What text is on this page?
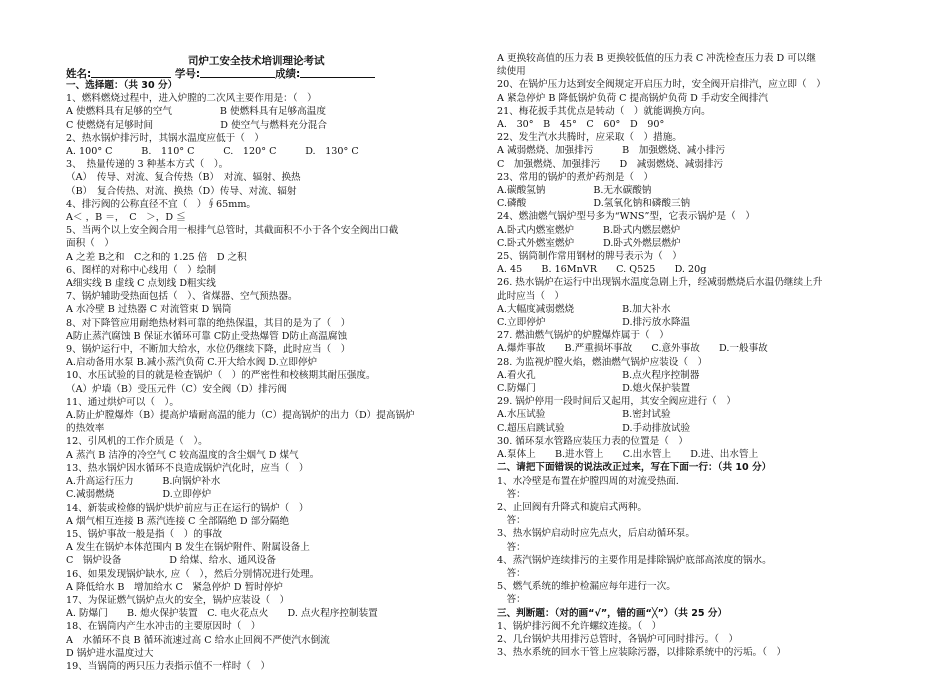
司炉工安全技术培训理论考试
姓名:	学号:	成绩:
一、选择题：（共 30 分）
1、燃料燃烧过程中，进入炉膛的二次风主要作用是：（　）
A 使燃料具有足够的空气　　　　　B 使燃料具有足够高温度
C 使燃烧有足够时间　　　　　　　D 使空气与燃料充分混合
2、热水锅炉排污时，其锅水温度应低于（　）
A. 100° C　　　B.　110° C　　　C.　120° C　　　D.　130° C
3、　热量传递的 3 种基本方式（　）。
（A）　传导、对流、复合传热（B）　对流、辐射、换热
（B）　复合传热、对流、换热（D）传导、对流、辐射
4、排污阀的公称直径不宜（　）∮65mm。
A＜ ，B ＝，　C　＞，D ≦
5、当两个以上安全阀合用一根排气总管时，其截面积不小于各个安全阀出口截
面积（　）
A 之差 B之和　C之和的 1.25 倍　D 之积
6、图样的对称中心线用（　）绘制
A细实线 B 虚线 C 点划线 D粗实线
7、锅炉辅助受热面包括（　）、省煤器、空气预热器。
A 水冷壁 B 过热器 C 对流管束 D 锅筒
8、对下降管应用耐绝热材料可靠的绝热保温，其目的是为了（　）
A防止蒸汽腐蚀 B 保证水循环可靠 C防止受热爆管 D防止高温腐蚀
9、锅炉运行中，不断加大给水，水位仍继续下降，此时应当（　）
A.启动备用水泵 B.减小蒸汽负荷 C.开大给水阀 D.立即停炉
10、水压试验的目的就是检查锅炉（　）的严密性和校核期其耐压强度。
（A）炉墙（B）受压元件（C）安全阀（D）排污阀
11、通过烘炉可以（　）。
A.防止炉膛爆炸（B）提高炉墙耐高温的能力（C）提高锅炉的出力（D）提高锅炉
的热效率
12、引风机的工作介质是（　）。
A 蒸汽 B 洁净的冷空气 C 较高温度的含尘烟气 D 煤气
13、热水锅炉因水循环不良造成锅炉汽化时，应当（　）
A.升高运行压力　　　B.向锅炉补水
C.减弱燃烧　　　　　D.立即停炉
14、新装或检修的锅炉烘炉前应与正在运行的锅炉（　）
A 烟气相互连接 B 蒸汽连接 C 全部隔绝 D 部分隔绝
15、锅炉事故一般是指（　）的事故
A 发生在锅炉本体范围内 B 发生在锅炉附件、附属设备上
C　锅炉设备　　　　　D 给煤、给水、通风设备
16、如果发现锅炉缺水, 应（　），然后分别情况进行处理。
A 降低给水 B　增加给水 C　紧急停炉 D 暂时停炉
17、为保证燃气锅炉点火的安全，锅炉应装设（　）
A. 防爆门　　B. 熄火保护装置　C. 电火花点火　　D. 点火程序控制装置
18、在锅筒内产生水冲击的主要原因时（　）
A　水循环不良 B 循环流速过高 C 给水止回阀不严使汽水倒流
D 锅炉进水温度过大
19、当锅筒的两只压力表指示值不一样时（　）
A 更换较高值的压力表 B 更换较低值的压力表 C 冲洗检查压力表 D 可以继
续使用
20、在锅炉压力达到安全阀规定开启压力时，安全阀开启排汽，应立即（　）
A 紧急停炉 B 降低锅炉负荷 C 提高锅炉负荷 D 手动安全阀排汽
21、梅花扳手其优点是转动（　）就能调换方向。
A.　30°　B　45°　C　60°　D　90°
22、发生汽水共腾时，应采取（　）措施。
A 减弱燃烧、加强排污　　　B　加强燃烧、减小排污
C　加强燃烧、加强排污　　D　减弱燃烧、减弱排污
23、常用的锅炉的煮炉药剂是（　）
A.碳酸氢钠　　　　　B.无水碳酸钠
C.磷酸　　　　　　　D.氢氧化钠和磷酸三钠
24、燃油燃气锅炉型号多为“WNS”型，它表示锅炉是（　）
A.卧式内燃室燃炉　　　B.卧式内燃层燃炉
C.卧式外燃室燃炉　　　D.卧式外燃层燃炉
25、锅筒制作常用钢材的牌号表示为（　）
A. 45　　B. 16MnVR　　C. Q525　　D. 20g
26. 热水锅炉在运行中出现锅水温度急剧上升，经减弱燃烧后水温仍继续上升
此时应当（　）
A.大幅度减弱燃烧　　　　　B.加大补水
C.立即停炉　　　　　　　　D.排污放水降温
27. 燃油燃气锅炉的炉膛爆炸属于（　）
A.爆炸事故　　B.严重损坏事故　　C.意外事故　　D.一般事故
28. 为监视炉膛火焰，燃油燃气锅炉应装设（　）
A.看火孔　　　　　　　　　B.点火程序控制器
C.防爆门　　　　　　　　　D.熄火保护装置
29. 锅炉停用一段时间后又起用，其安全阀应进行（　）
A.水压试验　　　　　　　　B.密封试验
C.超压启跳试验　　　　　　D.手动排放试验
30. 循环泵水管路应装压力表的位置是（　）
A.泵体上　　B.进水管上　　C.出水管上　　D.进、出水管上
二、请把下面错误的说法改正过来，写在下面一行：（共 10 分）
1、水冷壁是布置在炉膛四周的对流受热面.
　答：
2、止回阀有升降式和旋启式两种。
　答：
3、热水锅炉启动时应先点火，后启动循环泵。
　答：
4、蒸汽锅炉连续排污的主要作用是排除锅炉底部高浓度的锅水。
　答：
5、燃气系统的维护检漏应每年进行一次。
　答：
三、判断题：（对的画“√”，错的画“╳”）（共 25 分）
1、锅炉排污阀不允许螺纹连接。（　）
2、几台锅炉共用排污总管时，各锅炉可同时排污。（　）
3、热水系统的回水干管上应装除污器，以排除系统中的污垢。（　）
